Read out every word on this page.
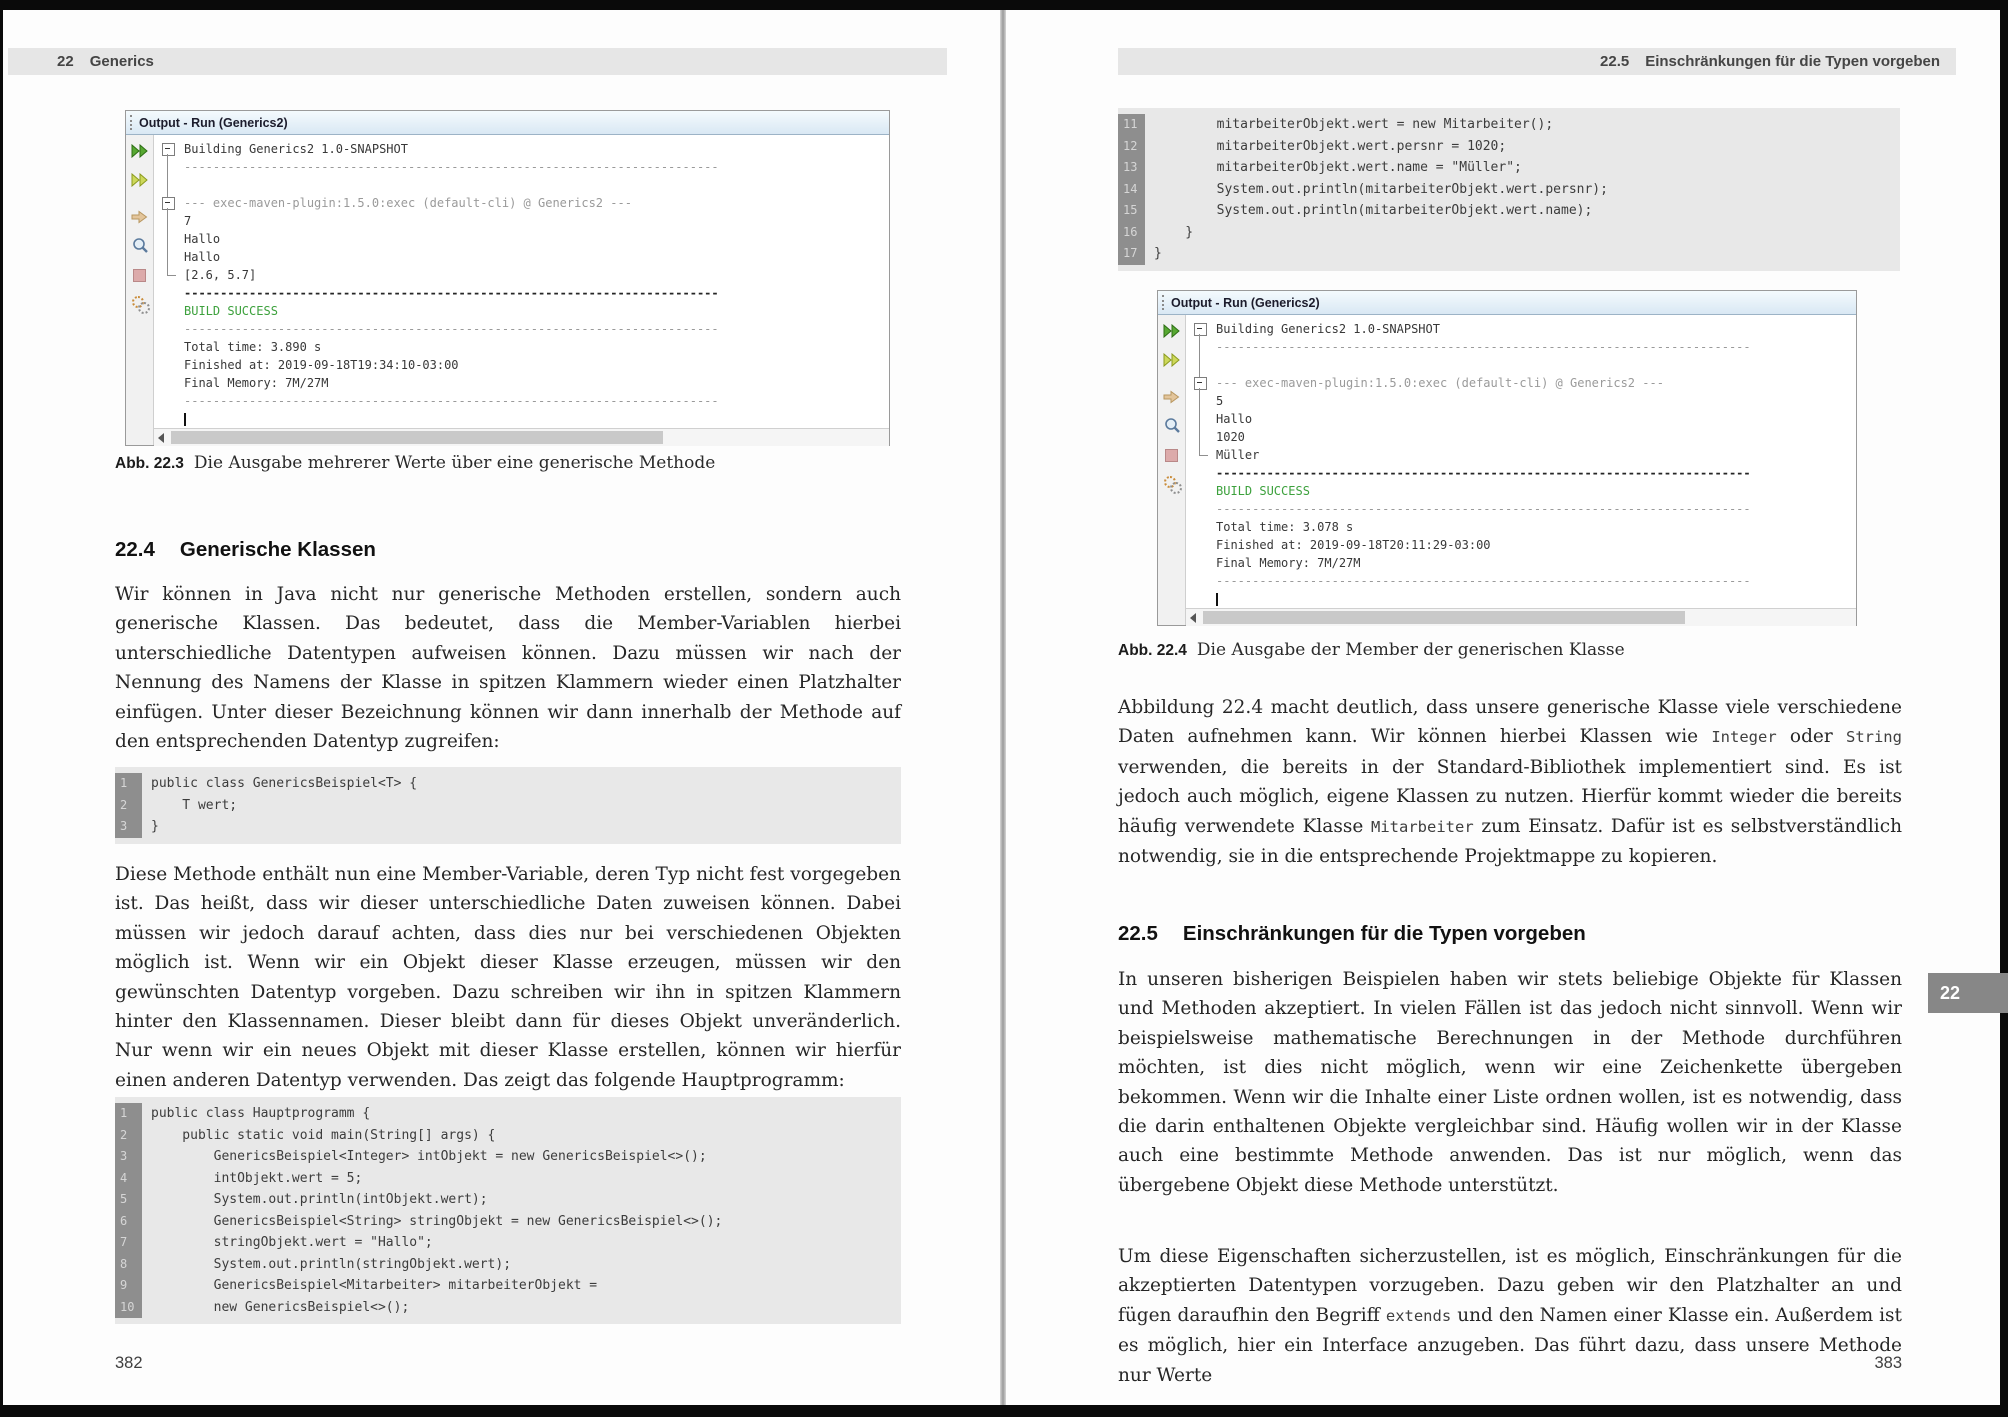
22 Generics
Output - Run (Generics2)
Building Generics2 1.0-SNAPSHOT
--------------------------------------------------------------------------
--- exec-maven-plugin:1.5.0:exec (default-cli) @ Generics2 ---
7
Hallo
Hallo
[2.6, 5.7]
--------------------------------------------------------------------------
BUILD SUCCESS
--------------------------------------------------------------------------
Total time: 3.890 s
Finished at: 2019-09-18T19:34:10-03:00
Final Memory: 7M/27M
--------------------------------------------------------------------------
Abb. 22.3 Die Ausgabe mehrerer Werte über eine generische Methode
22.4 Generische Klassen
Wir können in Java nicht nur generische Methoden erstellen, sondern auch generische Klassen. Das bedeutet, dass die Member-Variablen hierbei unterschiedliche Datentypen aufweisen können. Dazu müssen wir nach der Nennung des Namens der Klasse in spitzen Klammern wieder einen Platzhalter einfügen. Unter dieser Bezeichnung können wir dann innerhalb der Methode auf den entsprechenden Datentyp zugreifen:
1	public class GenericsBeispiel<T> {
2	T wert;
3	}
Diese Methode enthält nun eine Member-Variable, deren Typ nicht fest vorgegeben ist. Das heißt, dass wir dieser unterschiedliche Daten zuweisen können. Dabei müssen wir jedoch darauf achten, dass dies nur bei verschiedenen Objekten möglich ist. Wenn wir ein Objekt dieser Klasse erzeugen, müssen wir den gewünschten Datentyp vorgeben. Dazu schreiben wir ihn in spitzen Klammern hinter den Klassennamen. Dieser bleibt dann für dieses Objekt unveränderlich. Nur wenn wir ein neues Objekt mit dieser Klasse erstellen, können wir hierfür einen anderen Datentyp verwenden. Das zeigt das folgende Hauptprogramm:
1	public class Hauptprogramm {
2	public static void main(String[] args) {
3	GenericsBeispiel<Integer> intObjekt = new GenericsBeispiel<>();
4	intObjekt.wert = 5;
5	System.out.println(intObjekt.wert);
6	GenericsBeispiel<String> stringObjekt = new GenericsBeispiel<>();
7	stringObjekt.wert = "Hallo";
8	System.out.println(stringObjekt.wert);
9	GenericsBeispiel<Mitarbeiter> mitarbeiterObjekt =
10	new GenericsBeispiel<>();
382
22.5 Einschränkungen für die Typen vorgeben
11	mitarbeiterObjekt.wert = new Mitarbeiter();
12	mitarbeiterObjekt.wert.persnr = 1020;
13	mitarbeiterObjekt.wert.name = "Müller";
14	System.out.println(mitarbeiterObjekt.wert.persnr);
15	System.out.println(mitarbeiterObjekt.wert.name);
16	}
17	}
Output - Run (Generics2)
Building Generics2 1.0-SNAPSHOT
--------------------------------------------------------------------------
--- exec-maven-plugin:1.5.0:exec (default-cli) @ Generics2 ---
5
Hallo
1020
Müller
--------------------------------------------------------------------------
BUILD SUCCESS
--------------------------------------------------------------------------
Total time: 3.078 s
Finished at: 2019-09-18T20:11:29-03:00
Final Memory: 7M/27M
--------------------------------------------------------------------------
Abb. 22.4 Die Ausgabe der Member der generischen Klasse
Abbildung 22.4 macht deutlich, dass unsere generische Klasse viele verschiedene Daten aufnehmen kann. Wir können hierbei Klassen wie Integer oder String verwenden, die bereits in der Standard-Bibliothek implementiert sind. Es ist jedoch auch möglich, eigene Klassen zu nutzen. Hierfür kommt wieder die bereits häufig verwendete Klasse Mitarbeiter zum Einsatz. Dafür ist es selbstverständlich notwendig, sie in die entsprechende Projektmappe zu kopieren.
22.5 Einschränkungen für die Typen vorgeben
In unseren bisherigen Beispielen haben wir stets beliebige Objekte für Klassen und Methoden akzeptiert. In vielen Fällen ist das jedoch nicht sinnvoll. Wenn wir beispielsweise mathematische Berechnungen in der Methode durchführen möchten, ist dies nicht möglich, wenn wir eine Zeichenkette übergeben bekommen. Wenn wir die Inhalte einer Liste ordnen wollen, ist es notwendig, dass die darin enthaltenen Objekte vergleichbar sind. Häufig wollen wir in der Klasse auch eine bestimmte Methode anwenden. Das ist nur möglich, wenn das übergebene Objekt diese Methode unterstützt.
Um diese Eigenschaften sicherzustellen, ist es möglich, Einschränkungen für die akzeptierten Datentypen vorzugeben. Dazu geben wir den Platzhalter an und fügen daraufhin den Begriff extends und den Namen einer Klasse ein. Außerdem ist es möglich, hier ein Interface anzugeben. Das führt dazu, dass unsere Methode nur Werte
22
383
